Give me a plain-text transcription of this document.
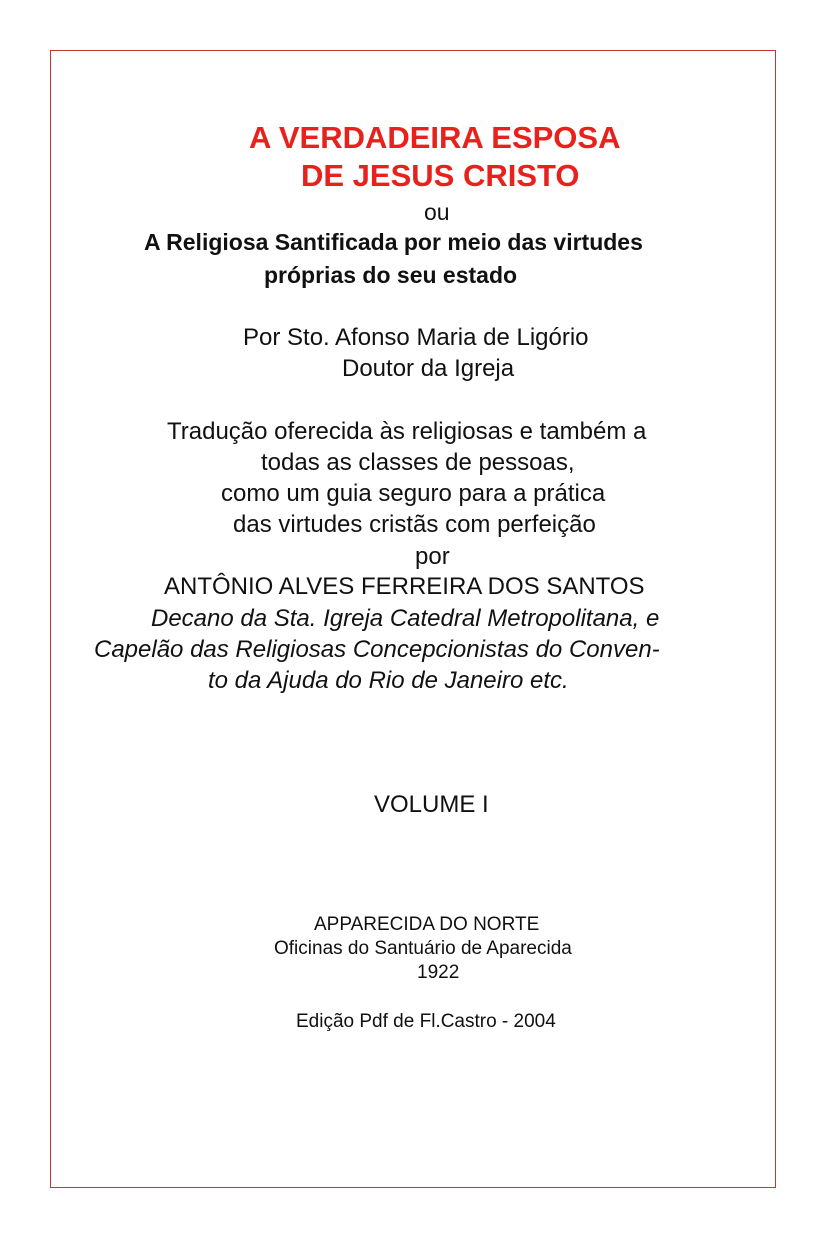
A VERDADEIRA ESPOSA
DE JESUS CRISTO
ou
A Religiosa Santificada por meio das virtudes
próprias do seu estado
Por Sto. Afonso Maria de Ligório
Doutor da Igreja
Tradução oferecida às religiosas e também a
todas as classes de pessoas,
como um guia seguro para a prática
das virtudes cristãs com perfeição
por
ANTÔNIO ALVES FERREIRA DOS SANTOS
Decano da Sta. Igreja Catedral Metropolitana, e
Capelão das Religiosas Concepcionistas do Conven-
to da Ajuda do Rio de Janeiro etc.
VOLUME I
APPARECIDA DO NORTE
Oficinas do Santuário de Aparecida
1922
Edição Pdf de Fl.Castro - 2004
